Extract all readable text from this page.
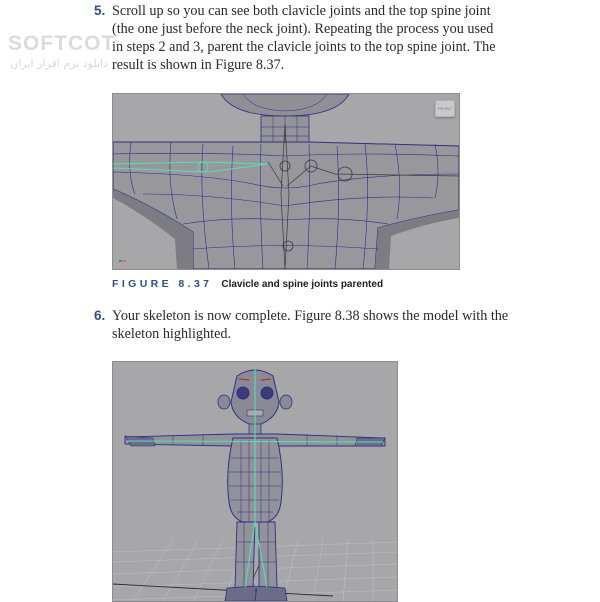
SOFTCOT
دانلود نرم افزار ایران
5. Scroll up so you can see both clavicle joints and the top spine joint
(the one just before the neck joint). Repeating the process you used
in steps 2 and 3, parent the clavicle joints to the top spine joint. The
result is shown in Figure 8.37.
FRONT
FIGURE 8.37 Clavicle and spine joints parented
6. Your skeleton is now complete. Figure 8.38 shows the model with the
skeleton highlighted.
